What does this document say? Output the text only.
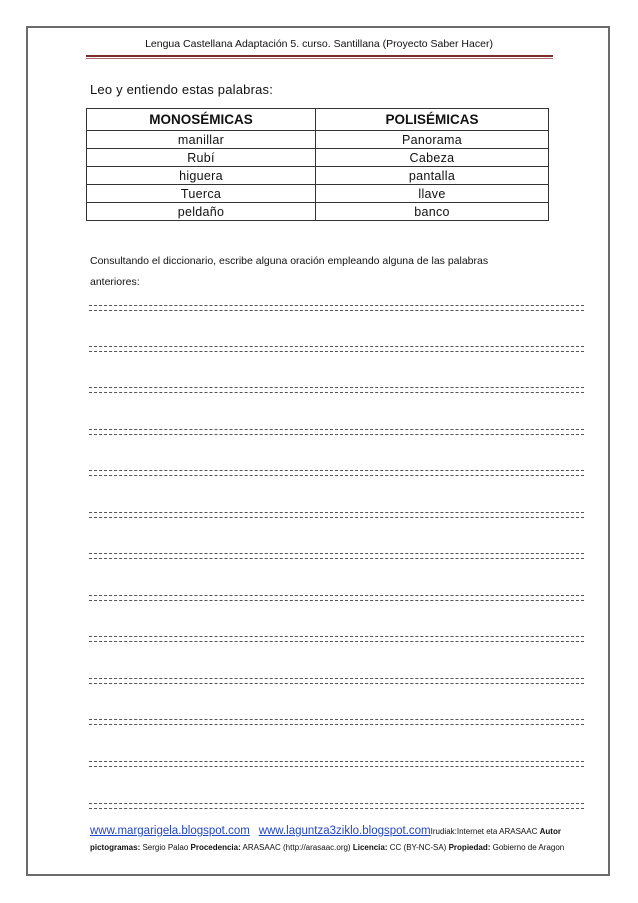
Lengua Castellana Adaptación 5. curso. Santillana (Proyecto Saber Hacer)
Leo y entiendo estas palabras:
MONOSÉMICAS	POLISÉMICAS
manillar	Panorama
Rubí	Cabeza
higuera	pantalla
Tuerca	llave
peldaño	banco
Consultando el diccionario, escribe alguna oración empleando alguna de las palabras anteriores:
www.margarigela.blogspot.com www.laguntza3ziklo.blogspot.comIrudiak:Internet eta ARASAAC Autor pictogramas: Sergio Palao Procedencia: ARASAAC (http://arasaac.org) Licencia: CC (BY-NC-SA) Propiedad: Gobierno de Aragon
